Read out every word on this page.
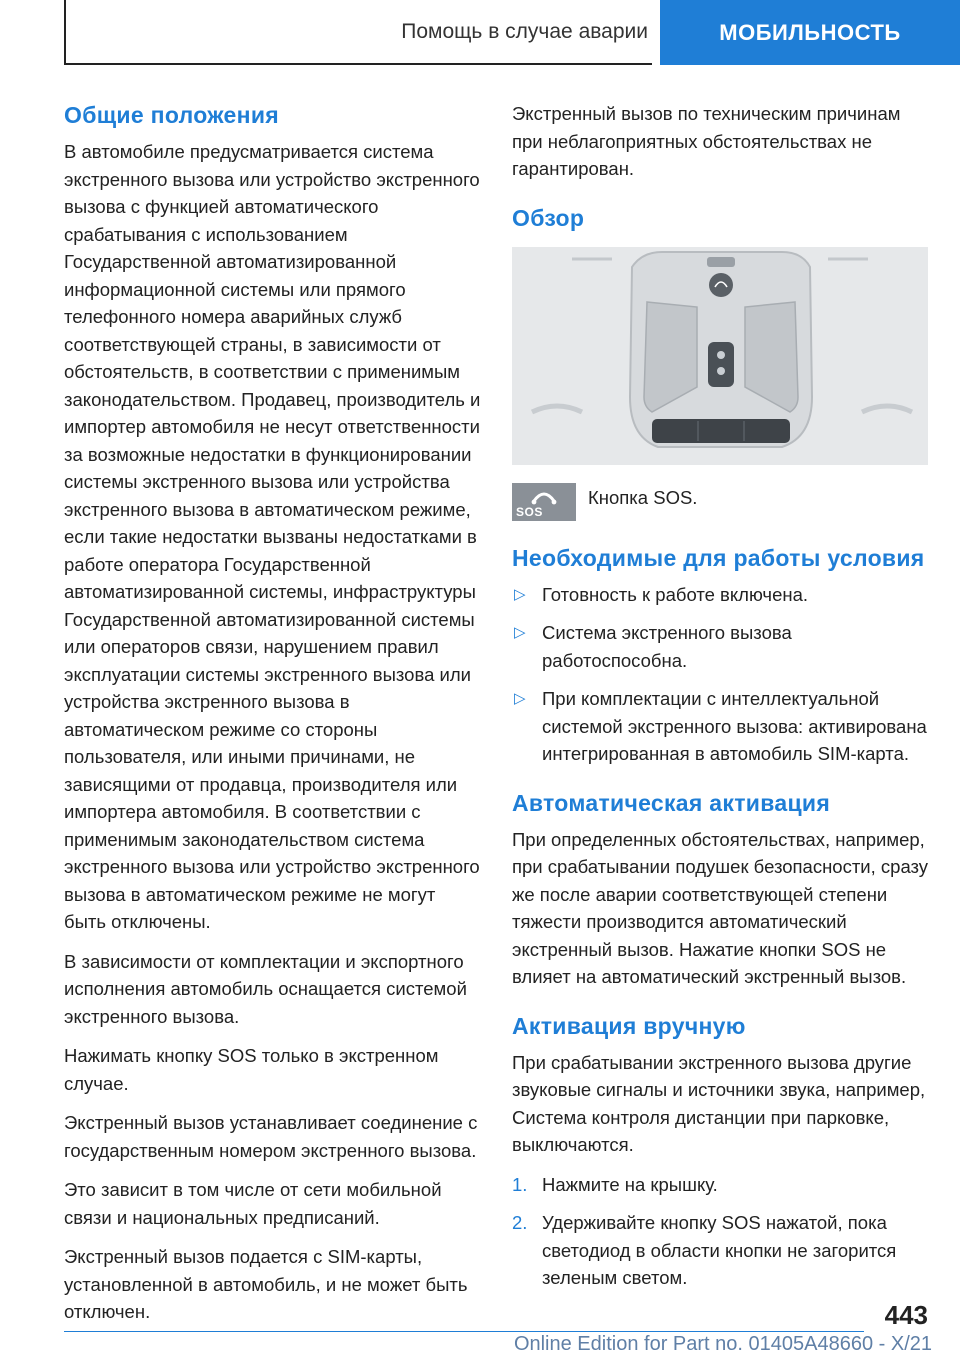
Помощь в случае аварии	МОБИЛЬНОСТЬ
Общие положения

В автомобиле предусматривается система экстренного вызова или устройство экстренного вызова с функцией автоматического срабатывания с использованием Государственной автоматизированной информационной системы или прямого телефонного номера аварийных служб соответствующей страны, в зависимости от обстоятельств, в соответствии с применимым законодательством. Продавец, производитель и импортер автомобиля не несут ответственности за возможные недостатки в функционировании системы экстренного вызова или устройства экстренного вызова в автоматическом режиме, если такие недостатки вызваны недостатками в работе оператора Государственной автоматизированной системы, инфраструктуры Государственной автоматизированной системы или операторов связи, нарушением правил эксплуатации системы экстренного вызова или устройства экстренного вызова в автоматическом режиме со стороны пользователя, или иными причинами, не зависящими от продавца, производителя или импортера автомобиля. В соответствии с применимым законодательством система экстренного вызова или устройство экстренного вызова в автоматическом режиме не могут быть отключены.

В зависимости от комплектации и экспортного исполнения автомобиль оснащается системой экстренного вызова.

Нажимать кнопку SOS только в экстренном случае.

Экстренный вызов устанавливает соединение с государственным номером экстренного вызова.

Это зависит в том числе от сети мобильной связи и национальных предписаний.

Экстренный вызов подается с SIM-карты, установленной в автомобиль, и не может быть отключен.

Экстренный вызов по техническим причинам при неблагоприятных обстоятельствах не гарантирован.

Обзор
SOS
Кнопка SOS.
Необходимые для работы условия
▷ Готовность к работе включена.
▷ Система экстренного вызова работоспособна.
▷ При комплектации с интеллектуальной системой экстренного вызова: активирована интегрированная в автомобиль SIM-карта.
Автоматическая активация

При определенных обстоятельствах, например, при срабатывании подушек безопасности, сразу же после аварии соответствующей степени тяжести производится автоматический экстренный вызов. Нажатие кнопки SOS не влияет на автоматический экстренный вызов.

Активация вручную

При срабатывании экстренного вызова другие звуковые сигналы и источники звука, например, Система контроля дистанции при парковке, выключаются.

1. Нажмите на крышку.
2. Удерживайте кнопку SOS нажатой, пока светодиод в области кнопки не загорится зеленым светом.
443
Online Edition for Part no. 01405A48660 - X/21
